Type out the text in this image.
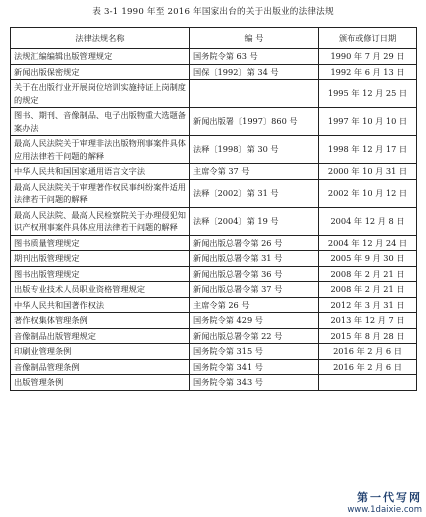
表 3-1 1990 年至 2016 年国家出台的关于出版业的法律法规
法律法规名称	编 号	颁布或修订日期
法规汇编编辑出版管理规定	国务院令第 63 号	1990 年 7 月 29 日
新闻出版保密规定	国保〔1992〕第 34 号	1992 年 6 月 13 日
关于在出版行业开展岗位培训实施持证上岗制度的规定		1995 年 12 月 25 日
图书、期刊、音像制品、电子出版物重大选题备案办法	新闻出版署〔1997〕860 号	1997 年 10 月 10 日
最高人民法院关于审理非法出版物刑事案件具体应用法律若干问题的解释	法释〔1998〕第 30 号	1998 年 12 月 17 日
中华人民共和国国家通用语言文字法	主席令第 37 号	2000 年 10 月 31 日
最高人民法院关于审理著作权民事纠纷案件适用法律若干问题的解释	法释〔2002〕第 31 号	2002 年 10 月 12 日
最高人民法院、最高人民检察院关于办理侵犯知识产权刑事案件具体应用法律若干问题的解释	法释〔2004〕第 19 号	2004 年 12 月 8 日
图书质量管理规定	新闻出版总署令第 26 号	2004 年 12 月 24 日
期刊出版管理规定	新闻出版总署令第 31 号	2005 年 9 月 30 日
图书出版管理规定	新闻出版总署令第 36 号	2008 年 2 月 21 日
出版专业技术人员职业资格管理规定	新闻出版总署令第 37 号	2008 年 2 月 21 日
中华人民共和国著作权法	主席令第 26 号	2012 年 3 月 31 日
著作权集体管理条例	国务院令第 429 号	2013 年 12 月 7 日
音像制品出版管理规定	新闻出版总署令第 22 号	2015 年 8 月 28 日
印刷业管理条例	国务院令第 315 号	2016 年 2 月 6 日
音像制品管理条例	国务院令第 341 号	2016 年 2 月 6 日
出版管理条例	国务院令第 343 号	
第一代写网
www.1daixie.com
